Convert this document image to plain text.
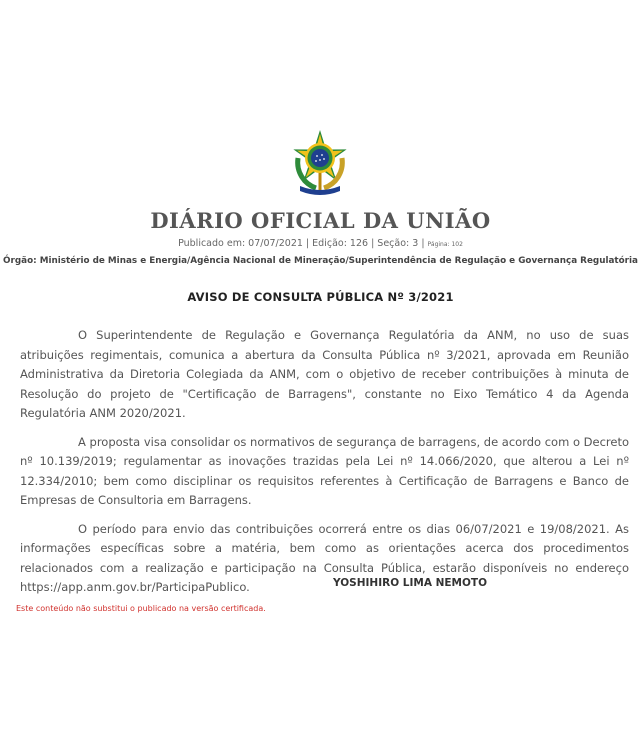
DIÁRIO OFICIAL DA UNIÃO
Publicado em: 07/07/2021 | Edição: 126 | Seção: 3 | Página: 102
Órgão: Ministério de Minas e Energia/Agência Nacional de Mineração/Superintendência de Regulação e Governança Regulatória
AVISO DE CONSULTA PÚBLICA Nº 3/2021

O Superintendente de Regulação e Governança Regulatória da ANM, no uso de suas atribuições regimentais, comunica a abertura da Consulta Pública nº 3/2021, aprovada em Reunião Administrativa da Diretoria Colegiada da ANM, com o objetivo de receber contribuições à minuta de Resolução do projeto de "Certificação de Barragens", constante no Eixo Temático 4 da Agenda Regulatória ANM 2020/2021.

A proposta visa consolidar os normativos de segurança de barragens, de acordo com o Decreto nº 10.139/2019; regulamentar as inovações trazidas pela Lei nº 14.066/2020, que alterou a Lei nº 12.334/2010; bem como disciplinar os requisitos referentes à Certificação de Barragens e Banco de Empresas de Consultoria em Barragens.

O período para envio das contribuições ocorrerá entre os dias 06/07/2021 e 19/08/2021. As informações específicas sobre a matéria, bem como as orientações acerca dos procedimentos relacionados com a realização e participação na Consulta Pública, estarão disponíveis no endereço https://app.anm.gov.br/ParticipaPublico.	YOSHIHIRO LIMA NEMOTO
Este conteúdo não substitui o publicado na versão certificada.
